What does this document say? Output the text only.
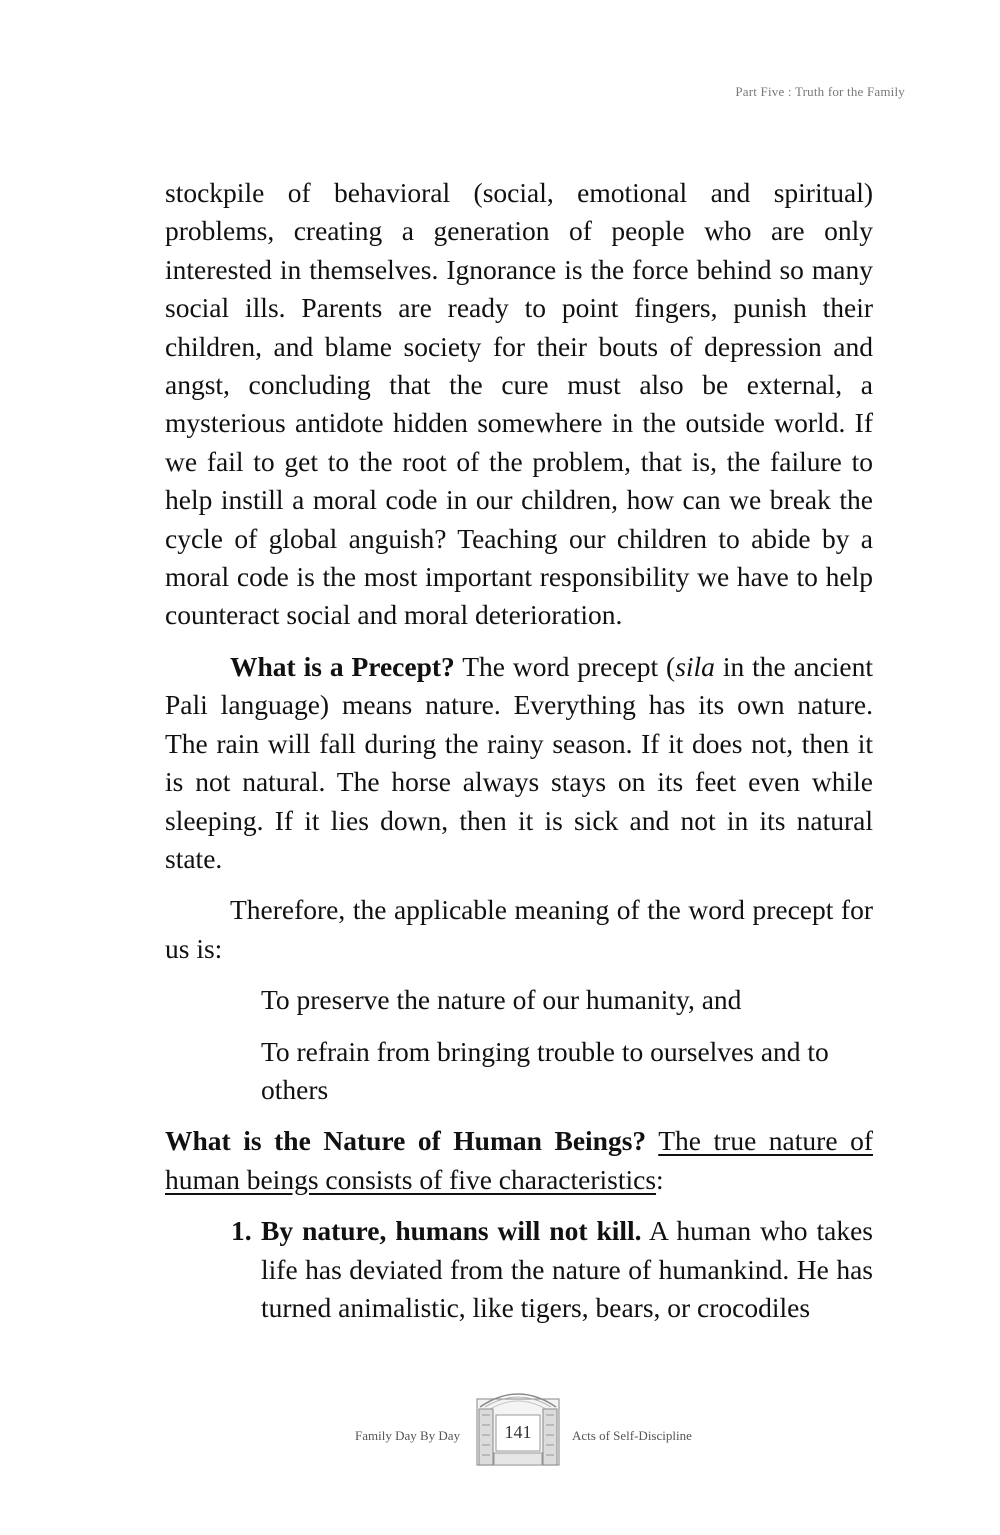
Part Five : Truth for the Family

stockpile of behavioral (social, emotional and spiritual) problems, creating a generation of people who are only interested in themselves. Ignorance is the force behind so many social ills. Parents are ready to point fingers, punish their children, and blame society for their bouts of depression and angst, concluding that the cure must also be external, a mysterious antidote hidden somewhere in the outside world. If we fail to get to the root of the problem, that is, the failure to help instill a moral code in our children, how can we break the cycle of global anguish? Teaching our children to abide by a moral code is the most important responsibility we have to help counteract social and moral deterioration.

What is a Precept? The word precept (sila in the ancient Pali language) means nature. Everything has its own nature. The rain will fall during the rainy season. If it does not, then it is not natural. The horse always stays on its feet even while sleeping. If it lies down, then it is sick and not in its natural state.

Therefore, the applicable meaning of the word precept for us is:

To preserve the nature of our humanity, and

To refrain from bringing trouble to ourselves and to others

What is the Nature of Human Beings? The true nature of human beings consists of five characteristics:

1. By nature, humans will not kill. A human who takes life has deviated from the nature of humankind. He has turned animalistic, like tigers, bears, or crocodiles
Family Day By Day	141	Acts of Self-Discipline
